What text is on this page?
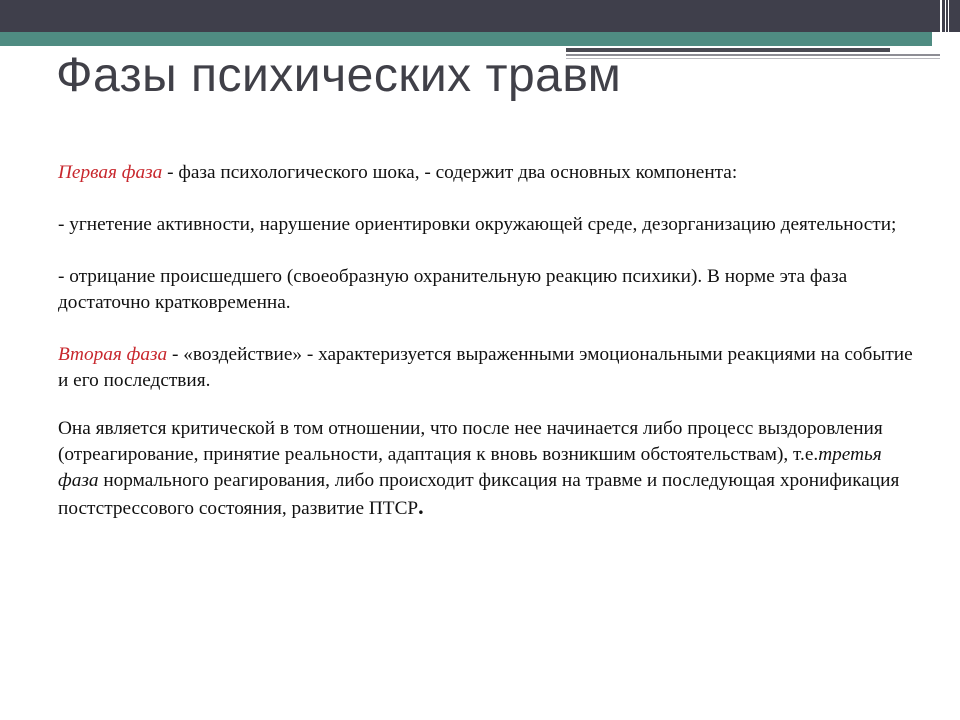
Фазы психических травм

Первая фаза - фаза психологического шока, - содержит два основных компонента:

- угнетение активности, нарушение ориентировки окружающей среде, дезорганизацию деятельности;

- отрицание происшедшего (своеобразную охранительную реакцию психики). В норме эта фаза достаточно кратковременна.

Вторая фаза - «воздействие» - характеризуется выраженными эмоциональными реакциями на событие и его последствия.

Она является критической в том отношении, что после нее начинается либо процесс выздоровления (отреагирование, принятие реальности, адаптация к вновь возникшим обстоятельствам), т.е.третья фаза нормального реагирования, либо происходит фиксация на травме и последующая хронификация постстрессового состояния, развитие ПТСР.
